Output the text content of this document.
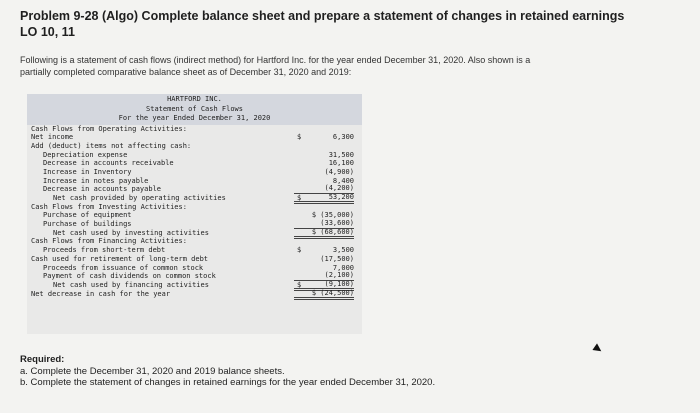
Problem 9-28 (Algo) Complete balance sheet and prepare a statement of changes in retained earnings
LO 10, 11
Following is a statement of cash flows (indirect method) for Hartford Inc. for the year ended December 31, 2020. Also shown is a
partially completed comparative balance sheet as of December 31, 2020 and 2019:
HARTFORD INC.
Statement of Cash Flows
For the year Ended December 31, 2020
Cash Flows from Operating Activities:
Net income	$	6,300
Add (deduct) items not affecting cash:
Depreciation expense	31,500
Decrease in accounts receivable	16,100
Increase in Inventory	(4,900)
Increase in notes payable	8,400
Decrease in accounts payable	(4,200)
Net cash provided by operating activities	$	53,200
Cash Flows from Investing Activities:
Purchase of equipment	$ (35,000)
Purchase of buildings	(33,600)
Net cash used by investing activities	$ (68,600)
Cash Flows from Financing Activities:
Proceeds from short-term debt	$	3,500
Cash used for retirement of long-term debt	(17,500)
Proceeds from issuance of common stock	7,000
Payment of cash dividends on common stock	(2,100)
Net cash used by financing activities	$	(9,100)
Net decrease in cash for the year	$ (24,500)
Required:
a. Complete the December 31, 2020 and 2019 balance sheets.
b. Complete the statement of changes in retained earnings for the year ended December 31, 2020.
